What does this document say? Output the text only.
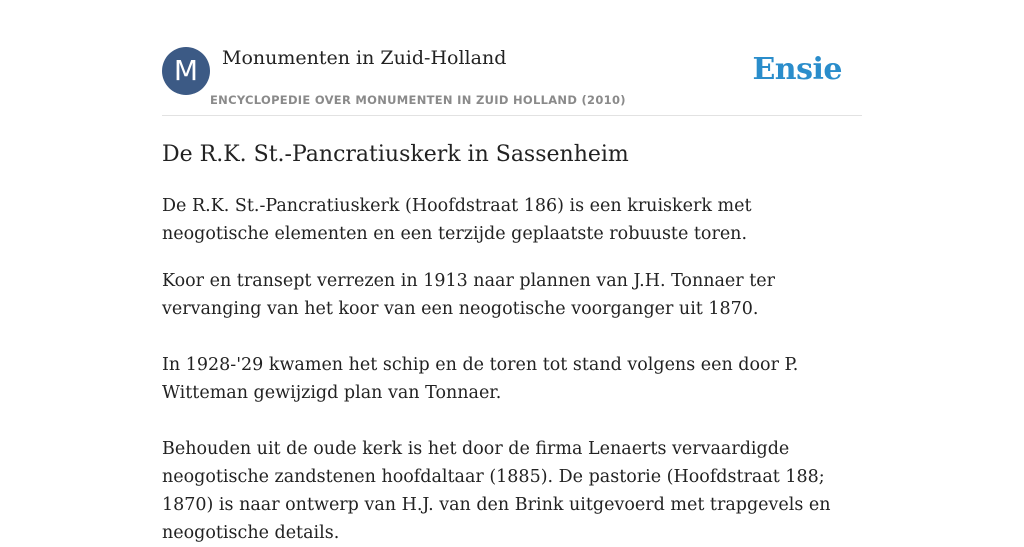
M	Monumenten in Zuid-Holland
ENCYCLOPEDIE OVER MONUMENTEN IN ZUID HOLLAND (2010)
Ensie
De R.K. St.-Pancratiuskerk in Sassenheim

De R.K. St.-Pancratiuskerk (Hoofdstraat 186) is een kruiskerk met neogotische elementen en een terzijde geplaatste robuuste toren.

Koor en transept verrezen in 1913 naar plannen van J.H. Tonnaer ter vervanging van het koor van een neogotische voorganger uit 1870.

In 1928-'29 kwamen het schip en de toren tot stand volgens een door P. Witteman gewijzigd plan van Tonnaer.

Behouden uit de oude kerk is het door de firma Lenaerts vervaardigde neogotische zandstenen hoofdaltaar (1885). De pastorie (Hoofdstraat 188; 1870) is naar ontwerp van H.J. van den Brink uitgevoerd met trapgevels en neogotische details.
